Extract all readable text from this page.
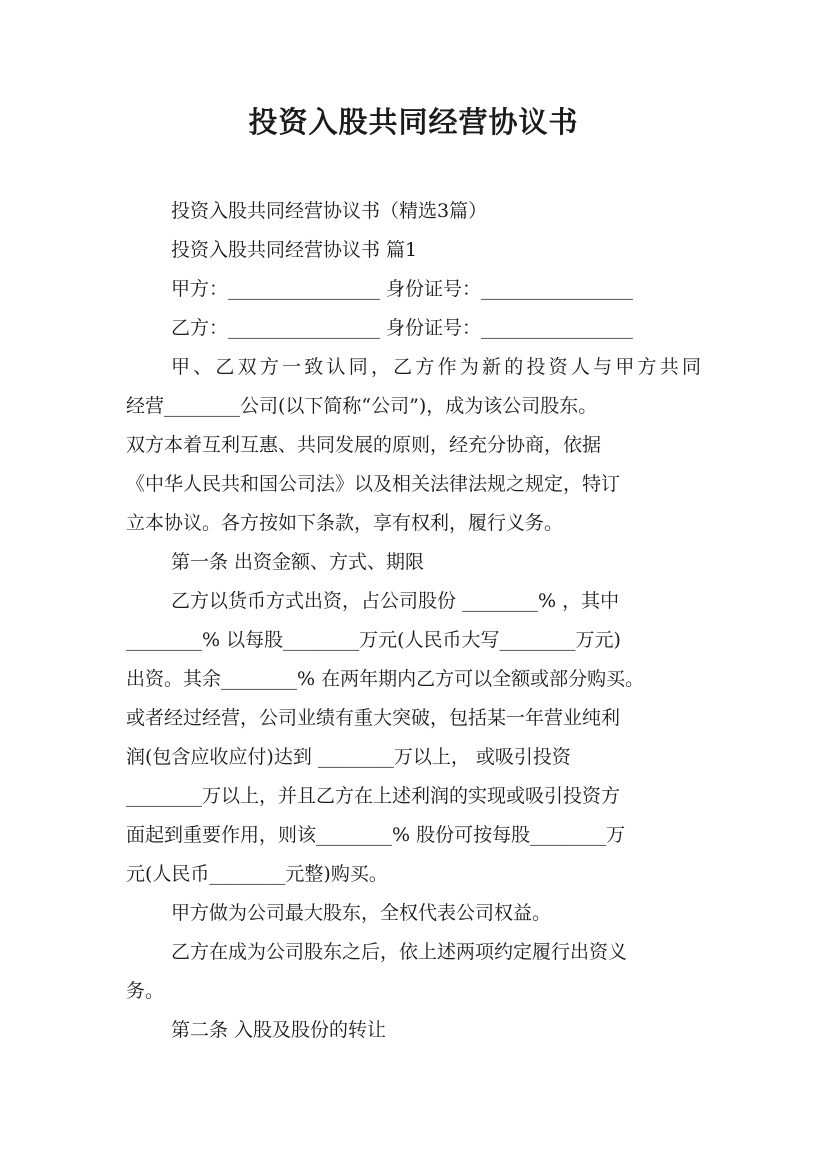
投资入股共同经营协议书

投资入股共同经营协议书（精选3篇）

投资入股共同经营协议书 篇1

甲方：________________ 身份证号：________________

乙方：________________ 身份证号：________________

甲、乙双方一致认同，乙方作为新的投资人与甲方共同

经营________公司(以下简称“公司”)，成为该公司股东。

双方本着互利互惠、共同发展的原则，经充分协商，依据

《中华人民共和国公司法》以及相关法律法规之规定，特订

立本协议。各方按如下条款，享有权利，履行义务。

第一条 出资金额、方式、期限

乙方以货币方式出资，占公司股份 ________% ，其中

________% 以每股________万元(人民币大写________万元)

出资。其余________% 在两年期内乙方可以全额或部分购买。

或者经过经营，公司业绩有重大突破，包括某一年营业纯利

润(包含应收应付)达到 ________万以上， 或吸引投资

________万以上，并且乙方在上述利润的实现或吸引投资方

面起到重要作用，则该________% 股份可按每股________万

元(人民币________元整)购买。

甲方做为公司最大股东，全权代表公司权益。

乙方在成为公司股东之后，依上述两项约定履行出资义

务。

第二条 入股及股份的转让
